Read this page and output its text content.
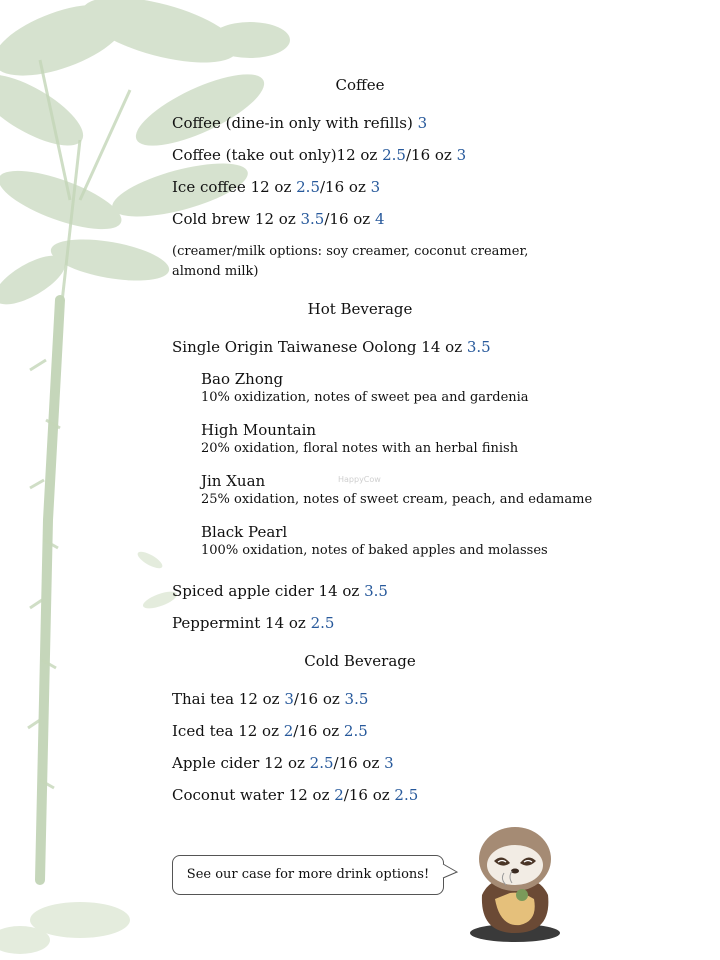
Coffee
Coffee (dine-in only with refills) 3
Coffee (take out only)12 oz 2.5/16 oz 3
Ice coffee 12 oz 2.5/16 oz 3
Cold brew 12 oz 3.5/16 oz 4
(creamer/milk options: soy creamer, coconut creamer, almond milk)
Hot Beverage
Single Origin Taiwanese Oolong 14 oz 3.5
Bao Zhong
10% oxidization, notes of sweet pea and gardenia
High Mountain
20% oxidation, floral notes with an herbal finish
Jin Xuan
25% oxidation, notes of sweet cream, peach, and edamame
Black Pearl
100% oxidation, notes of baked apples and molasses
HappyCow
Spiced apple cider 14 oz 3.5
Peppermint 14 oz 2.5
Cold Beverage
Thai tea 12 oz 3/16 oz 3.5
Iced tea 12 oz 2/16 oz 2.5
Apple cider 12 oz 2.5/16 oz 3
Coconut water 12 oz 2/16 oz 2.5
See our case for more drink options!
